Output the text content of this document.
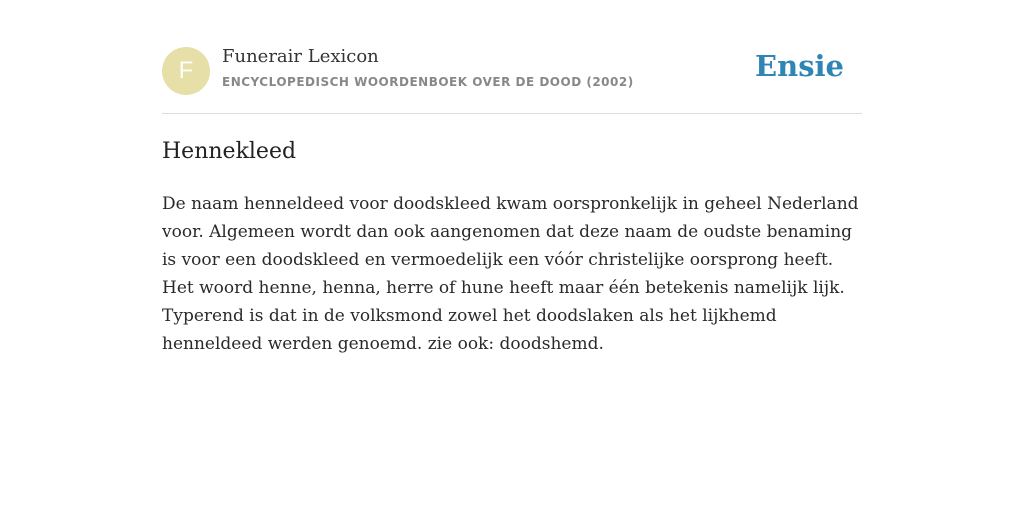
F
Funerair Lexicon
ENCYCLOPEDISCH WOORDENBOEK OVER DE DOOD (2002)	Ensie
Hennekleed

De naam henneldeed voor doodskleed kwam oorspronkelijk in geheel Nederland voor. Algemeen wordt dan ook aangenomen dat deze naam de oudste benaming is voor een doodskleed en vermoedelijk een vóór christelijke oorsprong heeft. Het woord henne, henna, herre of hune heeft maar één betekenis namelijk lijk. Typerend is dat in de volksmond zowel het doodslaken als het lijkhemd henneldeed werden genoemd. zie ook: doodshemd.
